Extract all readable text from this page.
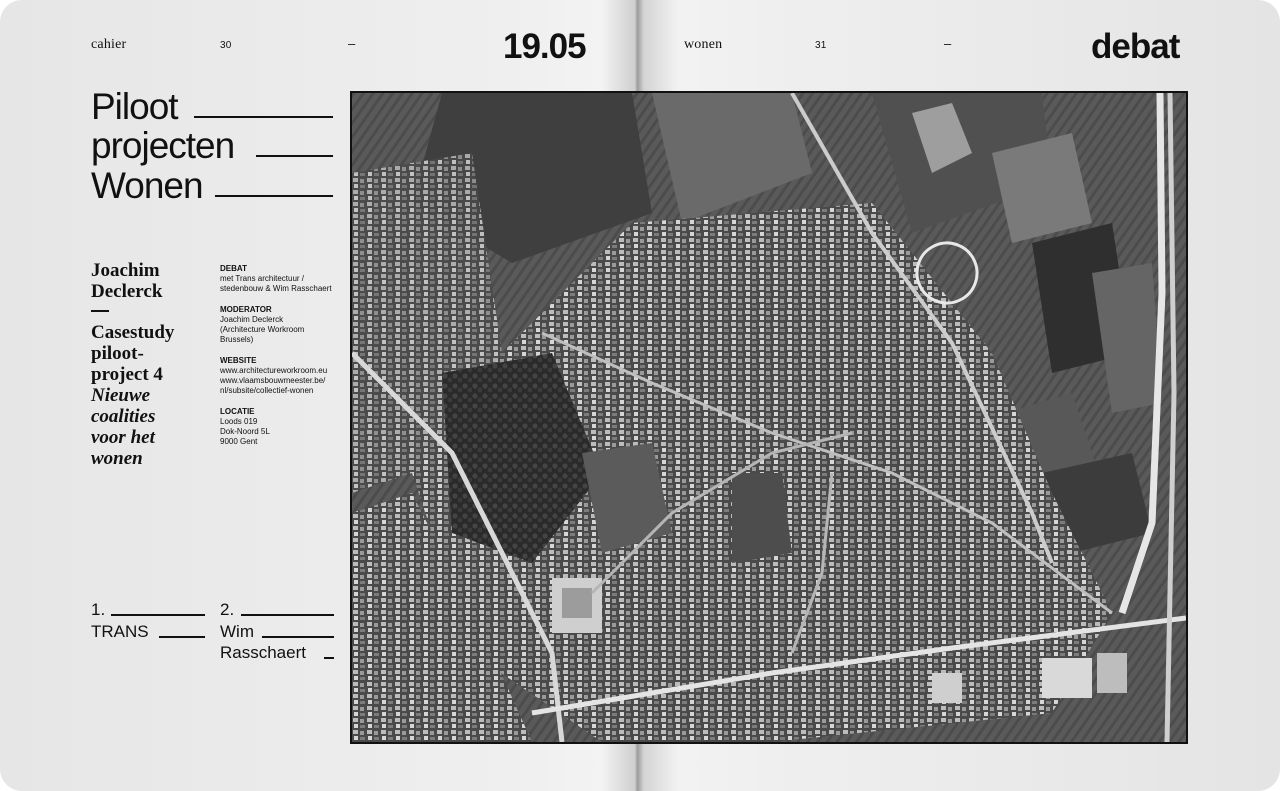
cahier	30	–	19.05	wonen	31	–	debat
Piloot
projecten
Wonen
Joachim
Declerck
Casestudy
piloot-
project 4
Nieuwe
coalities
voor het
wonen
DEBAT
met Trans architectuur /
stedenbouw & Wim Rasschaert
MODERATOR
Joachim Declerck
(Architecture Workroom
Brussels)
WEBSITE
www.architectureworkroom.eu
www.vlaamsbouwmeester.be/
nl/subsite/collectief-wonen
LOCATIE
Loods 019
Dok-Noord 5L
9000 Gent
1.
TRANS
2.
Wim
Rasschaert
